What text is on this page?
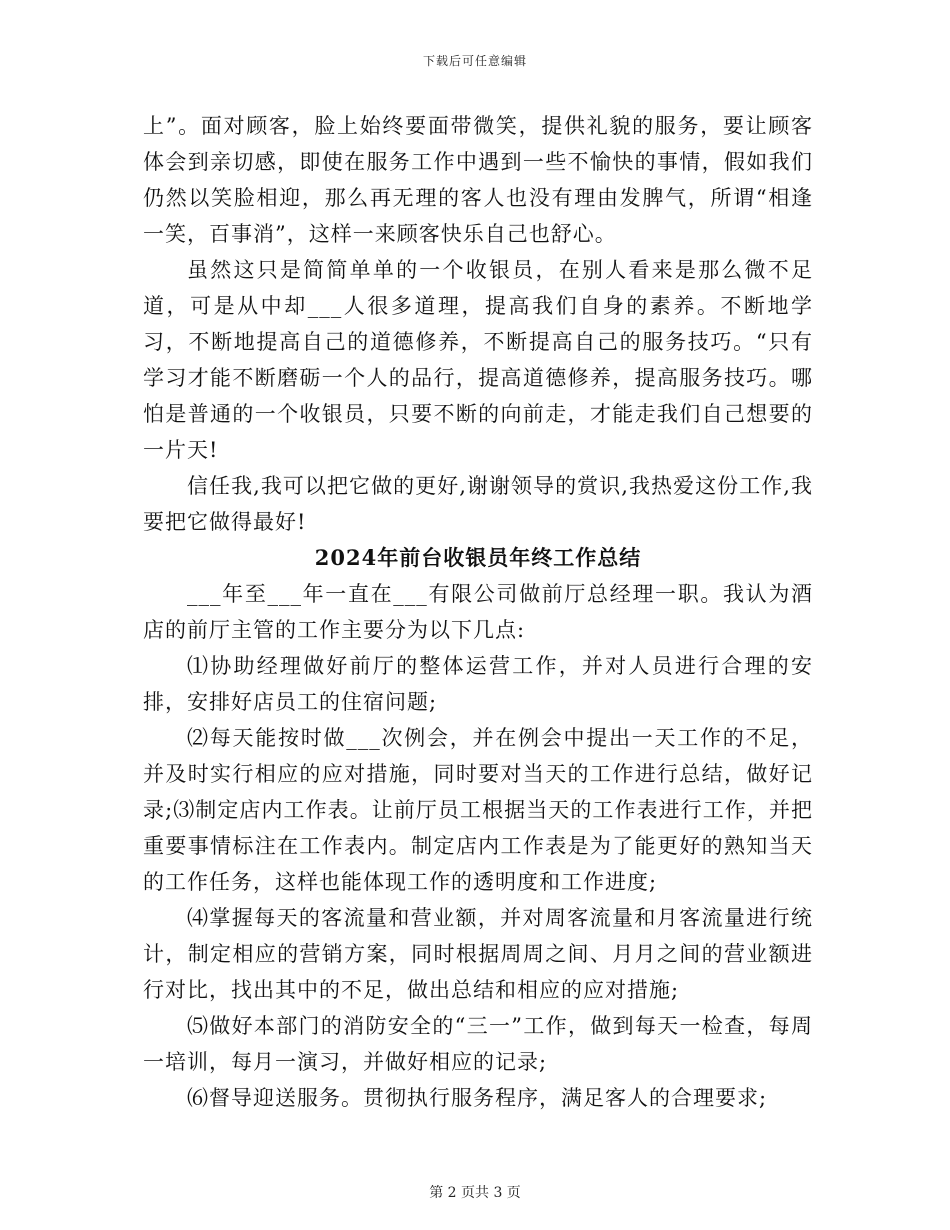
下载后可任意编辑

上”。面对顾客，脸上始终要面带微笑，提供礼貌的服务，要让顾客体会到亲切感，即使在服务工作中遇到一些不愉快的事情，假如我们仍然以笑脸相迎，那么再无理的客人也没有理由发脾气，所谓“相逢一笑，百事消”，这样一来顾客快乐自己也舒心。

虽然这只是简简单单的一个收银员，在别人看来是那么微不足道，可是从中却___人很多道理，提高我们自身的素养。不断地学习，不断地提高自己的道德修养，不断提高自己的服务技巧。“只有学习才能不断磨砺一个人的品行，提高道德修养，提高服务技巧。哪怕是普通的一个收银员，只要不断的向前走，才能走我们自己想要的一片天!

信任我,我可以把它做的更好,谢谢领导的赏识,我热爱这份工作,我要把它做得最好!

2024年前台收银员年终工作总结

___年至___年一直在___有限公司做前厅总经理一职。我认为酒店的前厅主管的工作主要分为以下几点:

⑴协助经理做好前厅的整体运营工作，并对人员进行合理的安排，安排好店员工的住宿问题;

⑵每天能按时做___次例会，并在例会中提出一天工作的不足，并及时实行相应的应对措施，同时要对当天的工作进行总结，做好记录;⑶制定店内工作表。让前厅员工根据当天的工作表进行工作，并把重要事情标注在工作表内。制定店内工作表是为了能更好的熟知当天的工作任务，这样也能体现工作的透明度和工作进度;

⑷掌握每天的客流量和营业额，并对周客流量和月客流量进行统计，制定相应的营销方案，同时根据周周之间、月月之间的营业额进行对比，找出其中的不足，做出总结和相应的应对措施;

⑸做好本部门的消防安全的“三一”工作，做到每天一检查，每周一培训，每月一演习，并做好相应的记录;

⑹督导迎送服务。贯彻执行服务程序，满足客人的合理要求;

第 2 页共 3 页
